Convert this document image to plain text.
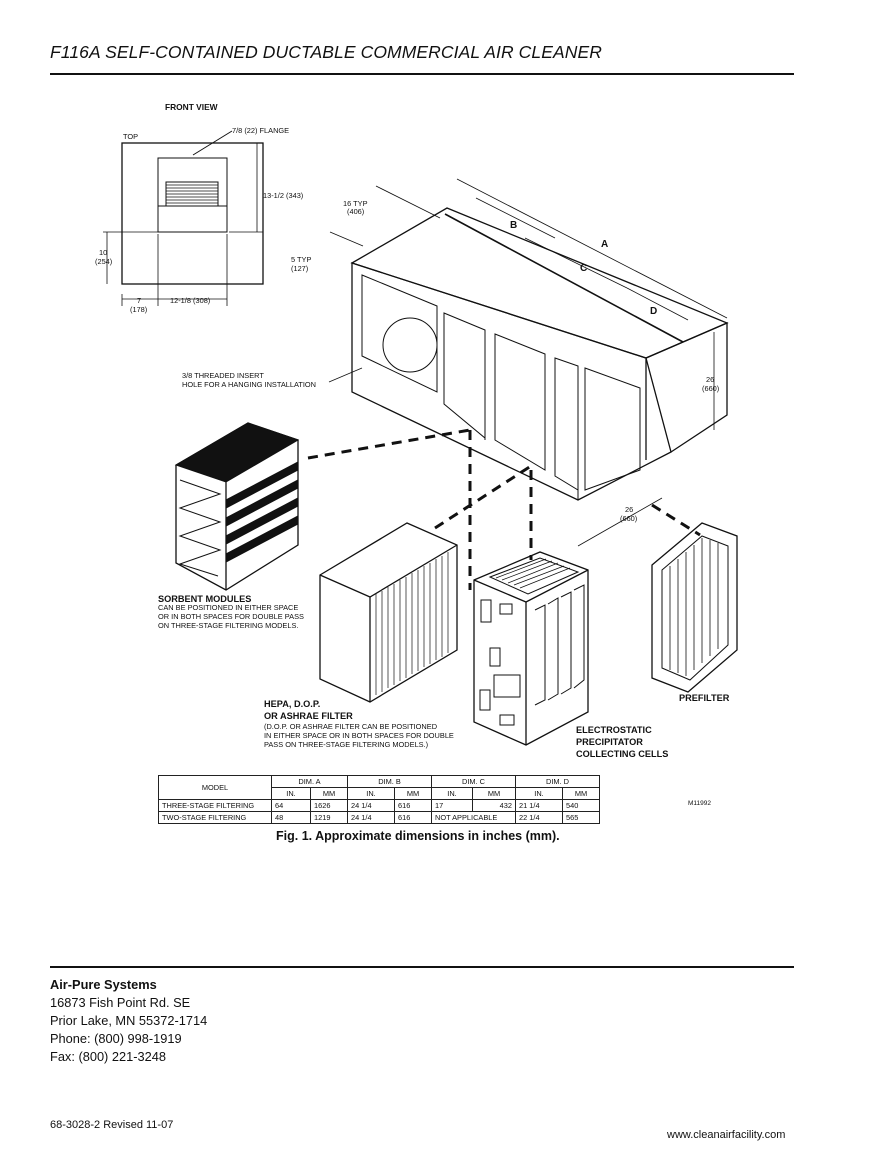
F116A SELF-CONTAINED DUCTABLE COMMERCIAL AIR CLEANER
FRONT VIEW
TOP
7/8 (22) FLANGE
13-1/2 (343)
10
(254)
7
(178)
12-1/8 (308)
16 TYP
(406)
5 TYP
(127)
B
A
C
D
26
(660)
26
(660)
3/8 THREADED INSERT
HOLE FOR A HANGING INSTALLATION
SORBENT MODULES
CAN BE POSITIONED IN EITHER SPACE
OR IN BOTH SPACES FOR DOUBLE PASS
ON THREE-STAGE FILTERING MODELS.
HEPA, D.O.P.
OR ASHRAE FILTER
(D.O.P. OR ASHRAE FILTER CAN BE POSITIONED
IN EITHER SPACE OR IN BOTH SPACES FOR DOUBLE
PASS ON THREE-STAGE FILTERING MODELS.)
ELECTROSTATIC
PRECIPITATOR
COLLECTING CELLS
PREFILTER
MODEL	DIM. A		DIM. B		DIM. C		DIM. D	
	IN.	MM	IN.	MM	IN.	MM	IN.	MM
THREE-STAGE FILTERING	64	1626	24 1/4	616	17	432	21 1/4	540
TWO-STAGE FILTERING	48	1219	24 1/4	616	NOT APPLICABLE		22 1/4	565
M11992
Fig. 1. Approximate dimensions in inches (mm).
Air-Pure Systems
16873 Fish Point Rd. SE
Prior Lake, MN 55372-1714
Phone: (800) 998-1919
Fax: (800) 221-3248
68-3028-2 Revised 11-07
www.cleanairfacility.com
